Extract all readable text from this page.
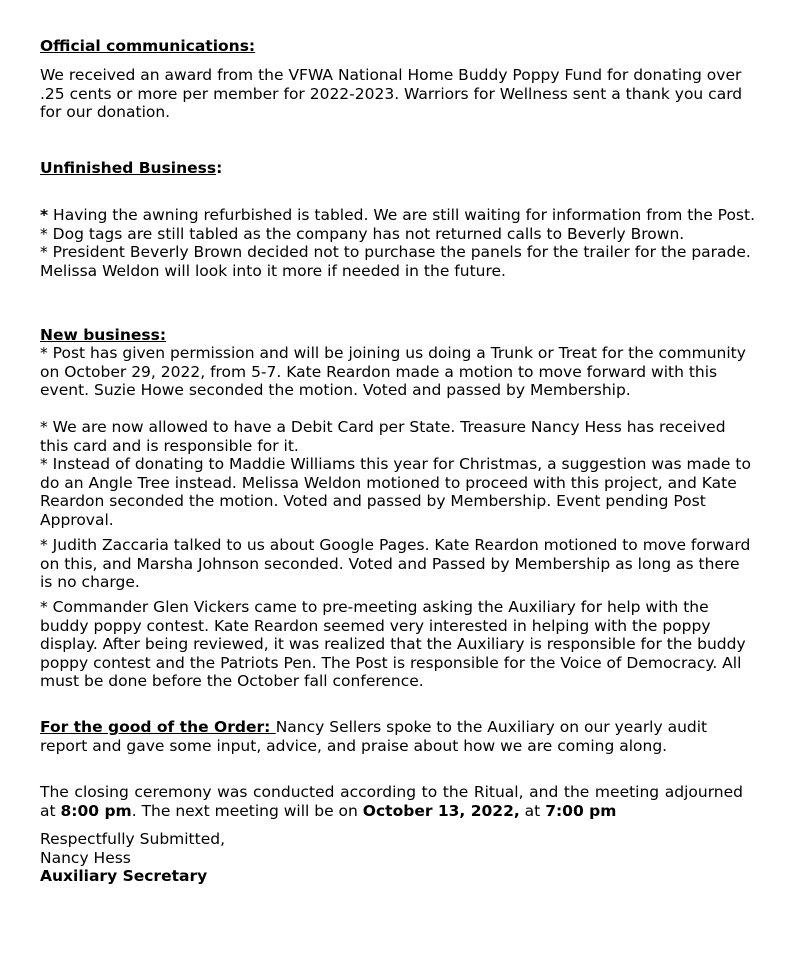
Official communications:

We received an award from the VFWA National Home Buddy Poppy Fund for donating over .25 cents or more per member for 2022-2023. Warriors for Wellness sent a thank you card for our donation.

Unfinished Business:

* Having the awning refurbished is tabled. We are still waiting for information from the Post.

* Dog tags are still tabled as the company has not returned calls to Beverly Brown.

* President Beverly Brown decided not to purchase the panels for the trailer for the parade. Melissa Weldon will look into it more if needed in the future.

New business:

* Post has given permission and will be joining us doing a Trunk or Treat for the community on October 29, 2022, from 5-7. Kate Reardon made a motion to move forward with this event. Suzie Howe seconded the motion. Voted and passed by Membership.

* We are now allowed to have a Debit Card per State. Treasure Nancy Hess has received this card and is responsible for it.

* Instead of donating to Maddie Williams this year for Christmas, a suggestion was made to do an Angle Tree instead. Melissa Weldon motioned to proceed with this project, and Kate Reardon seconded the motion. Voted and passed by Membership. Event pending Post Approval.

* Judith Zaccaria talked to us about Google Pages. Kate Reardon motioned to move forward on this, and Marsha Johnson seconded. Voted and Passed by Membership as long as there is no charge.

* Commander Glen Vickers came to pre-meeting asking the Auxiliary for help with the buddy poppy contest. Kate Reardon seemed very interested in helping with the poppy display. After being reviewed, it was realized that the Auxiliary is responsible for the buddy poppy contest and the Patriots Pen. The Post is responsible for the Voice of Democracy. All must be done before the October fall conference.

For the good of the Order: Nancy Sellers spoke to the Auxiliary on our yearly audit report and gave some input, advice, and praise about how we are coming along.

The closing ceremony was conducted according to the Ritual, and the meeting adjourned at 8:00 pm. The next meeting will be on October 13, 2022, at 7:00 pm

Respectfully Submitted,

Nancy Hess

Auxiliary Secretary
